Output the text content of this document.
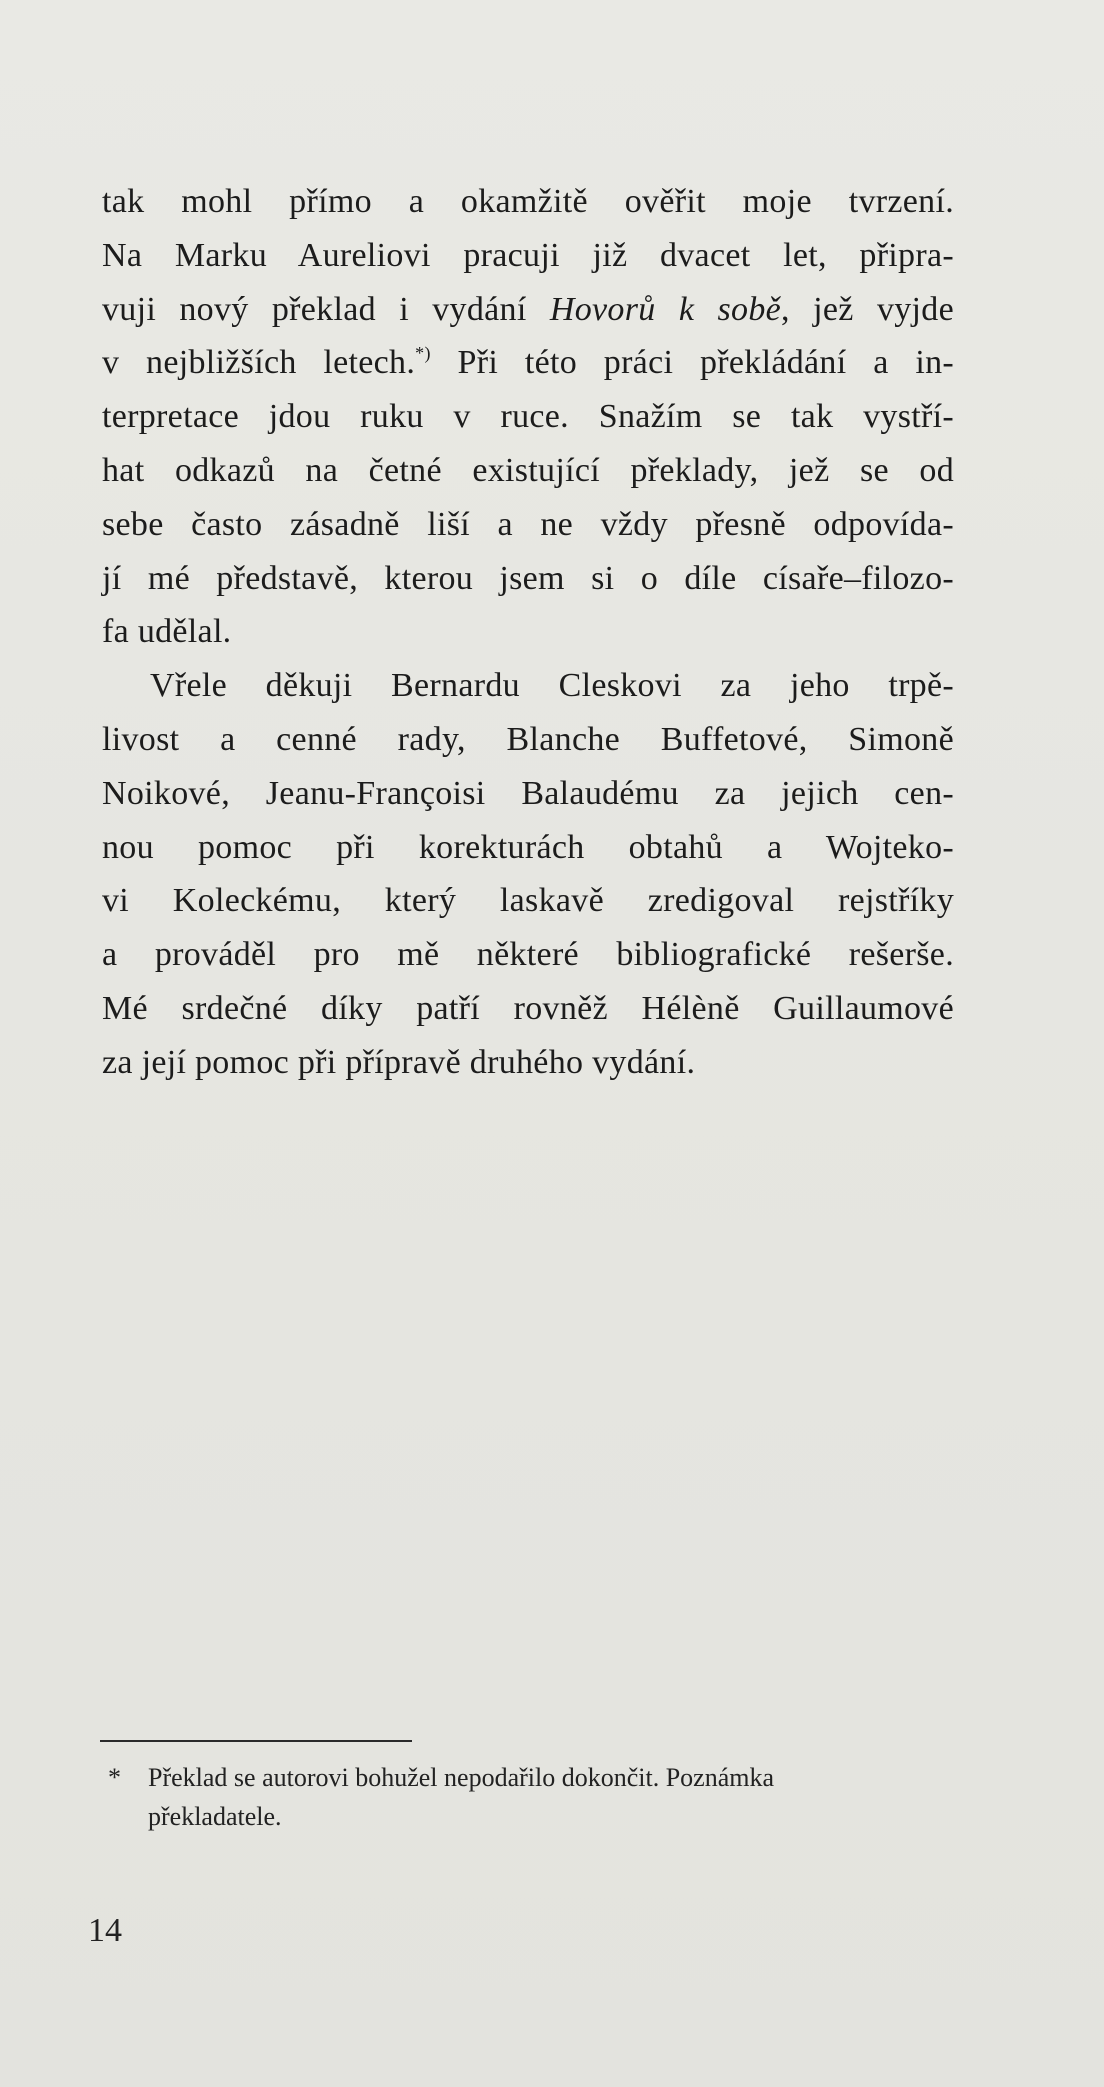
tak mohl přímo a okamžitě ověřit moje tvrzení.
Na Marku Aureliovi pracuji již dvacet let, připra-
vuji nový překlad i vydání Hovorů k sobě, jež vyjde
v nejbližších letech.*) Při této práci překládání a in-
terpretace jdou ruku v ruce. Snažím se tak vystří-
hat odkazů na četné existující překlady, jež se od
sebe často zásadně liší a ne vždy přesně odpovída-
jí mé představě, kterou jsem si o díle císaře–filozo-
fa udělal.
Vřele děkuji Bernardu Cleskovi za jeho trpě-
livost a cenné rady, Blanche Buffetové, Simoně
Noikové, Jeanu-Françoisi Balaudému za jejich cen-
nou pomoc při korekturách obtahů a Wojteko-
vi Koleckému, který laskavě zredigoval rejstříky
a prováděl pro mě některé bibliografické rešerše.
Mé srdečné díky patří rovněž Hélèně Guillaumové
za její pomoc při přípravě druhého vydání.
* Překlad se autorovi bohužel nepodařilo dokončit. Poznámka
překladatele.
14
